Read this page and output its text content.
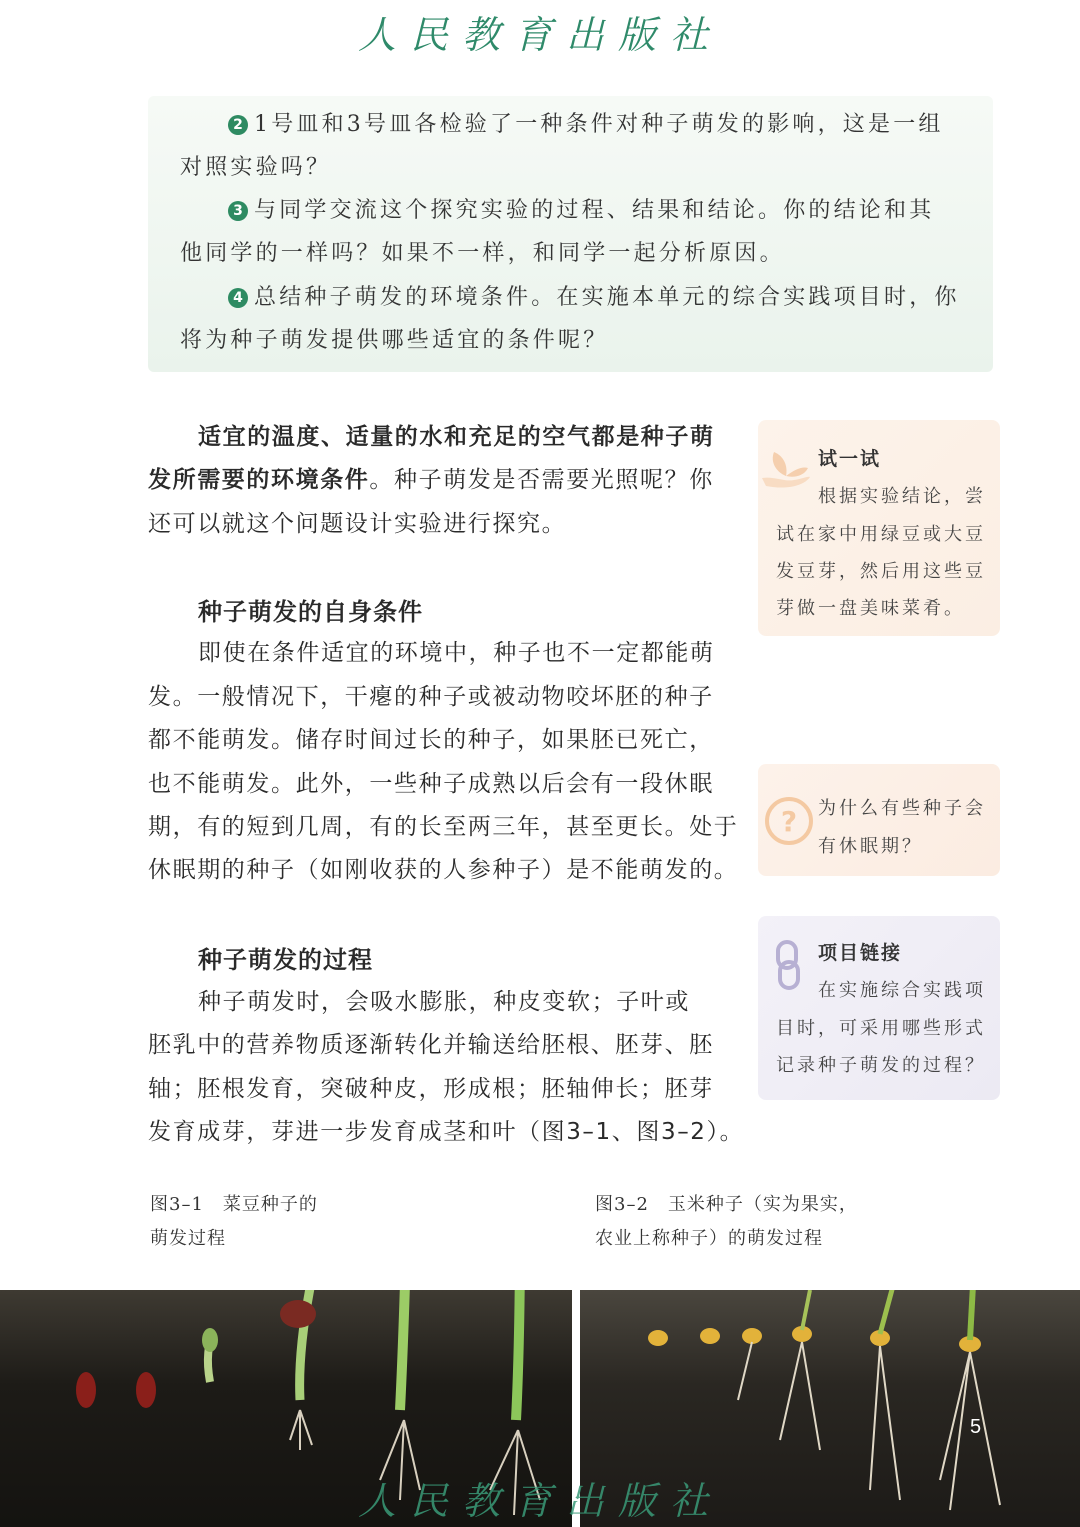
人民教育出版社
2 1号皿和3号皿各检验了一种条件对种子萌发的影响，这是一组
对照实验吗？
3 与同学交流这个探究实验的过程、结果和结论。你的结论和其
他同学的一样吗？如果不一样，和同学一起分析原因。
4 总结种子萌发的环境条件。在实施本单元的综合实践项目时，你
将为种子萌发提供哪些适宜的条件呢？
适宜的温度、适量的水和充足的空气都是种子萌
发所需要的环境条件。种子萌发是否需要光照呢？你
还可以就这个问题设计实验进行探究。
种子萌发的自身条件
即使在条件适宜的环境中，种子也不一定都能萌
发。一般情况下，干瘪的种子或被动物咬坏胚的种子
都不能萌发。储存时间过长的种子，如果胚已死亡，
也不能萌发。此外，一些种子成熟以后会有一段休眠
期，有的短到几周，有的长至两三年，甚至更长。处于
休眠期的种子（如刚收获的人参种子）是不能萌发的。
种子萌发的过程
种子萌发时，会吸水膨胀，种皮变软；子叶或
胚乳中的营养物质逐渐转化并输送给胚根、胚芽、胚
轴；胚根发育，突破种皮，形成根；胚轴伸长；胚芽
发育成芽，芽进一步发育成茎和叶（图3–1、图3–2）。
试一试
根据实验结论，尝
试在家中用绿豆或大豆
发豆芽，然后用这些豆
芽做一盘美味菜肴。
? 为什么有些种子会
有休眠期？
项目链接
在实施综合实践项
目时，可采用哪些形式
记录种子萌发的过程？
图3–1　菜豆种子的
萌发过程
图3–2　玉米种子（实为果实，
农业上称种子）的萌发过程
5
人民教育出版社
